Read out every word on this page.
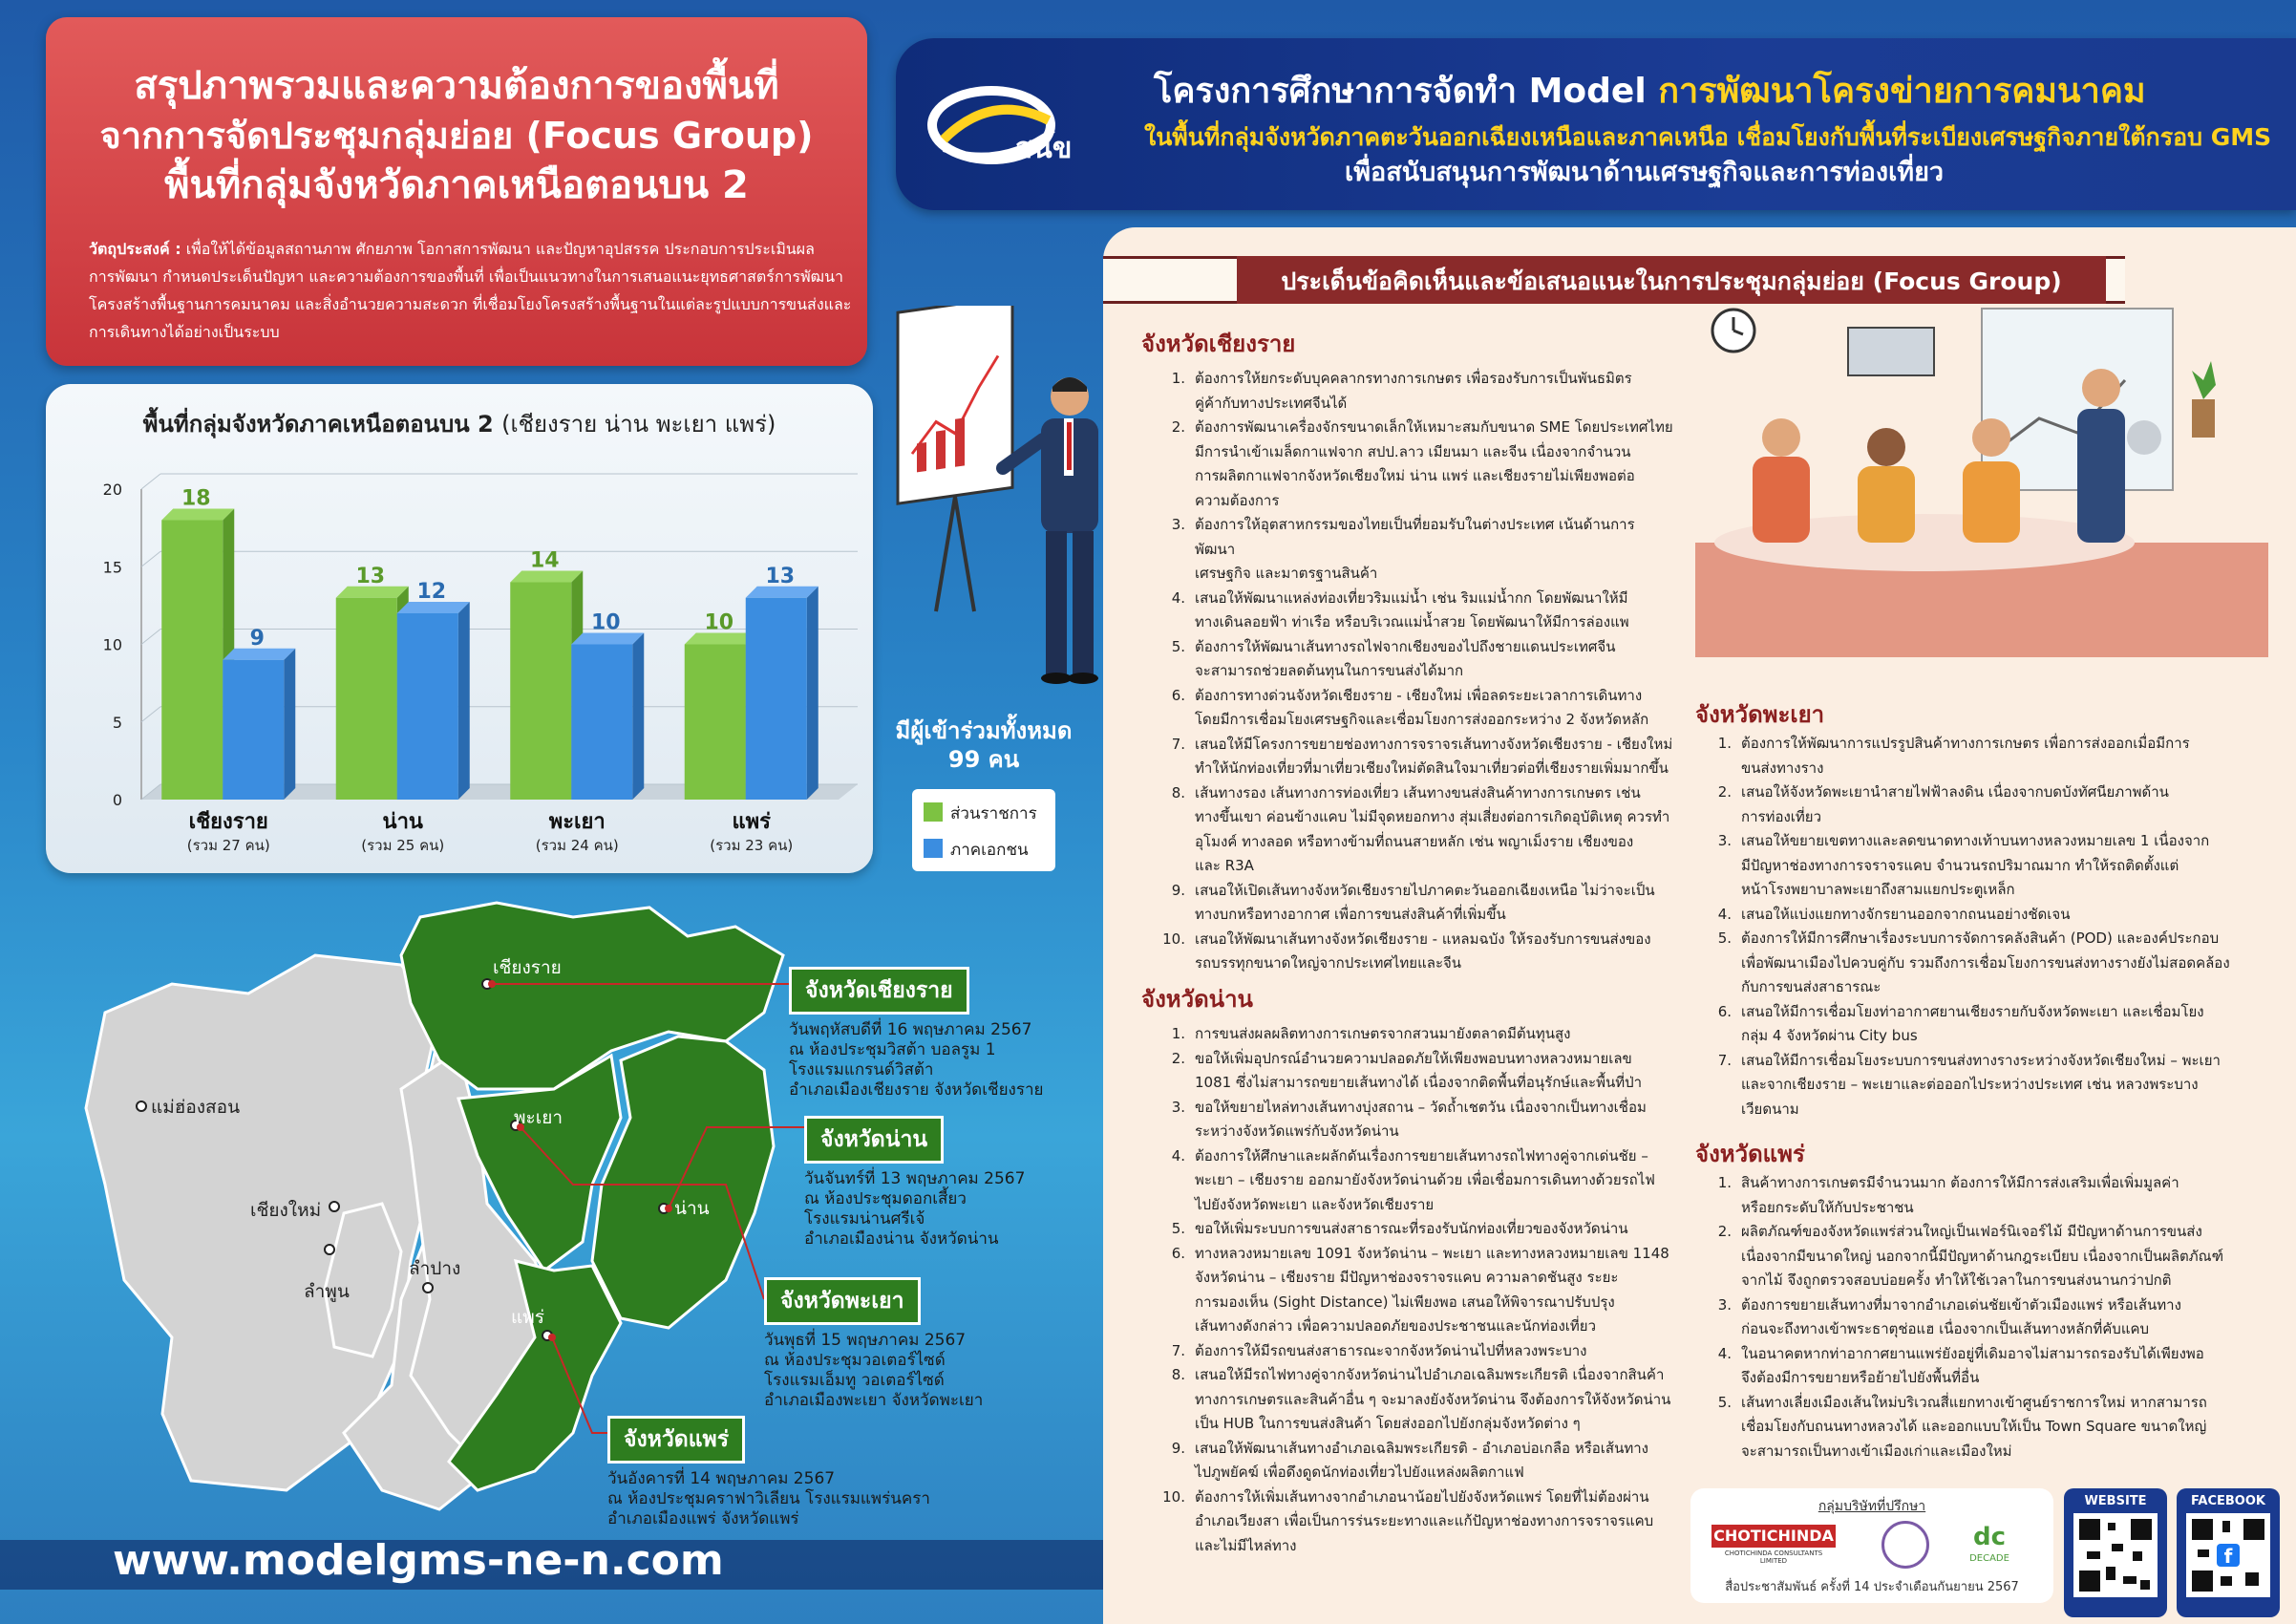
สรุปภาพรวมและความต้องการของพื้นที่
จากการจัดประชุมกลุ่มย่อย (Focus Group)
พื้นที่กลุ่มจังหวัดภาคเหนือตอนบน 2
วัตถุประสงค์ : เพื่อให้ได้ข้อมูลสถานภาพ ศักยภาพ โอกาสการพัฒนา และปัญหาอุปสรรค ประกอบการประเมินผล
การพัฒนา กำหนดประเด็นปัญหา และความต้องการของพื้นที่ เพื่อเป็นแนวทางในการเสนอแนะยุทธศาสตร์การพัฒนา
โครงสร้างพื้นฐานการคมนาคม และสิ่งอำนวยความสะดวก ที่เชื่อมโยงโครงสร้างพื้นฐานในแต่ละรูปแบบการขนส่งและ
การเดินทางได้อย่างเป็นระบบ
พื้นที่กลุ่มจังหวัดภาคเหนือตอนบน 2 (เชียงราย น่าน พะเยา แพร่)
0
5
10
15
20	18
9
เชียงราย
(รวม 27 คน)
13
12
น่าน
(รวม 25 คน)
14
10
พะเยา
(รวม 24 คน)
10
13
แพร่
(รวม 23 คน)
มีผู้เข้าร่วมทั้งหมด
99 คน
ส่วนราชการ
ภาคเอกชน
เชียงราย
พะเยา
น่าน
แพร่
แม่ฮ่องสอน
เชียงใหม่
ลำพูน
ลำปาง
จังหวัดเชียงราย
วันพฤหัสบดีที่ 16 พฤษภาคม 2567
ณ ห้องประชุมวิสต้า บอลรูม 1
โรงแรมแกรนด์วิสต้า
อำเภอเมืองเชียงราย จังหวัดเชียงราย
จังหวัดน่าน
วันจันทร์ที่ 13 พฤษภาคม 2567
ณ ห้องประชุมดอกเสี้ยว
โรงแรมน่านศรีเจ้
อำเภอเมืองน่าน จังหวัดน่าน
จังหวัดพะเยา
วันพุธที่ 15 พฤษภาคม 2567
ณ ห้องประชุมวอเตอร์ไซด์
โรงแรมเอ็มทู วอเตอร์ไซด์
อำเภอเมืองพะเยา จังหวัดพะเยา
จังหวัดแพร่
วันอังคารที่ 14 พฤษภาคม 2567
ณ ห้องประชุมคราฟาวิเลียน โรงแรมแพร่นครา
อำเภอเมืองแพร่ จังหวัดแพร่
www.modelgms-ne-n.com
สนข
โครงการศึกษาการจัดทำ Model การพัฒนาโครงข่ายการคมนาคม
ในพื้นที่กลุ่มจังหวัดภาคตะวันออกเฉียงเหนือและภาคเหนือ เชื่อมโยงกับพื้นที่ระเบียงเศรษฐกิจภายใต้กรอบ GMS
เพื่อสนับสนุนการพัฒนาด้านเศรษฐกิจและการท่องเที่ยว
ประเด็นข้อคิดเห็นและข้อเสนอแนะในการประชุมกลุ่มย่อย (Focus Group)
จังหวัดเชียงราย
1. ต้องการให้ยกระดับบุคคลากรทางการเกษตร เพื่อรองรับการเป็นพันธมิตร
คู่ค้ากับทางประเทศจีนได้
2. ต้องการพัฒนาเครื่องจักรขนาดเล็กให้เหมาะสมกับขนาด SME โดยประเทศไทย
มีการนำเข้าเมล็ดกาแฟจาก สปป.ลาว เมียนมา และจีน เนื่องจากจำนวน
การผลิตกาแฟจากจังหวัดเชียงใหม่ น่าน แพร่ และเชียงรายไม่เพียงพอต่อ
ความต้องการ
3. ต้องการให้อุตสาหกรรมของไทยเป็นที่ยอมรับในต่างประเทศ เน้นด้านการพัฒนา
เศรษฐกิจ และมาตรฐานสินค้า
4. เสนอให้พัฒนาแหล่งท่องเที่ยวริมแม่น้ำ เช่น ริมแม่น้ำกก โดยพัฒนาให้มี
ทางเดินลอยฟ้า ท่าเรือ หรือบริเวณแม่น้ำสวย โดยพัฒนาให้มีการล่องแพ
5. ต้องการให้พัฒนาเส้นทางรถไฟจากเชียงของไปถึงชายแดนประเทศจีน
จะสามารถช่วยลดต้นทุนในการขนส่งได้มาก
6. ต้องการทางด่วนจังหวัดเชียงราย - เชียงใหม่ เพื่อลดระยะเวลาการเดินทาง
โดยมีการเชื่อมโยงเศรษฐกิจและเชื่อมโยงการส่งออกระหว่าง 2 จังหวัดหลัก
7. เสนอให้มีโครงการขยายช่องทางการจราจรเส้นทางจังหวัดเชียงราย - เชียงใหม่
ทำให้นักท่องเที่ยวที่มาเที่ยวเชียงใหม่ตัดสินใจมาเที่ยวต่อที่เชียงรายเพิ่มมากขึ้น
8. เส้นทางรอง เส้นทางการท่องเที่ยว เส้นทางขนส่งสินค้าทางการเกษตร เช่น
ทางขึ้นเขา ค่อนข้างแคบ ไม่มีจุดหยอกทาง สุ่มเสี่ยงต่อการเกิดอุบัติเหตุ ควรทำ
อุโมงค์ ทางลอด หรือทางข้ามที่ถนนสายหลัก เช่น พญาเม็งราย เชียงของ
และ R3A
9. เสนอให้เปิดเส้นทางจังหวัดเชียงรายไปภาคตะวันออกเฉียงเหนือ ไม่ว่าจะเป็น
ทางบกหรือทางอากาศ เพื่อการขนส่งสินค้าที่เพิ่มขึ้น
10. เสนอให้พัฒนาเส้นทางจังหวัดเชียงราย - แหลมฉบัง ให้รองรับการขนส่งของ
รถบรรทุกขนาดใหญ่จากประเทศไทยและจีน
จังหวัดน่าน
1. การขนส่งผลผลิตทางการเกษตรจากสวนมายังตลาดมีต้นทุนสูง
2. ขอให้เพิ่มอุปกรณ์อำนวยความปลอดภัยให้เพียงพอบนทางหลวงหมายเลข
1081 ซึ่งไม่สามารถขยายเส้นทางได้ เนื่องจากติดพื้นที่อนุรักษ์และพื้นที่ป่า
3. ขอให้ขยายไหล่ทางเส้นทางบุ่งสถาน – วัดถ้ำเชตวัน เนื่องจากเป็นทางเชื่อม
ระหว่างจังหวัดแพร่กับจังหวัดน่าน
4. ต้องการให้ศึกษาและผลักดันเรื่องการขยายเส้นทางรถไฟทางคู่จากเด่นชัย –
พะเยา – เชียงราย ออกมายังจังหวัดน่านด้วย เพื่อเชื่อมการเดินทางด้วยรถไฟ
ไปยังจังหวัดพะเยา และจังหวัดเชียงราย
5. ขอให้เพิ่มระบบการขนส่งสาธารณะที่รองรับนักท่องเที่ยวของจังหวัดน่าน
6. ทางหลวงหมายเลข 1091 จังหวัดน่าน – พะเยา และทางหลวงหมายเลข 1148
จังหวัดน่าน – เชียงราย มีปัญหาช่องจราจรแคบ ความลาดชันสูง ระยะ
การมองเห็น (Sight Distance) ไม่เพียงพอ เสนอให้พิจารณาปรับปรุง
เส้นทางดังกล่าว เพื่อความปลอดภัยของประชาชนและนักท่องเที่ยว
7. ต้องการให้มีรถขนส่งสาธารณะจากจังหวัดน่านไปที่หลวงพระบาง
8. เสนอให้มีรถไฟทางคู่จากจังหวัดน่านไปอำเภอเฉลิมพระเกียรติ เนื่องจากสินค้า
ทางการเกษตรและสินค้าอื่น ๆ จะมาลงยังจังหวัดน่าน จึงต้องการให้จังหวัดน่าน
เป็น HUB ในการขนส่งสินค้า โดยส่งออกไปยังกลุ่มจังหวัดต่าง ๆ
9. เสนอให้พัฒนาเส้นทางอำเภอเฉลิมพระเกียรติ - อำเภอบ่อเกลือ หรือเส้นทาง
ไปภูพยัคฆ์ เพื่อดึงดูดนักท่องเที่ยวไปยังแหล่งผลิตกาแฟ
10. ต้องการให้เพิ่มเส้นทางจากอำเภอนาน้อยไปยังจังหวัดแพร่ โดยที่ไม่ต้องผ่าน
อำเภอเวียงสา เพื่อเป็นการร่นระยะทางและแก้ปัญหาช่องทางการจราจรแคบ
และไม่มีไหล่ทาง
จังหวัดพะเยา
1. ต้องการให้พัฒนาการแปรรูปสินค้าทางการเกษตร เพื่อการส่งออกเมื่อมีการ
ขนส่งทางราง
2. เสนอให้จังหวัดพะเยานำสายไฟฟ้าลงดิน เนื่องจากบดบังทัศนียภาพด้าน
การท่องเที่ยว
3. เสนอให้ขยายเขตทางและลดขนาดทางเท้าบนทางหลวงหมายเลข 1 เนื่องจาก
มีปัญหาช่องทางการจราจรแคบ จำนวนรถปริมาณมาก ทำให้รถติดตั้งแต่
หน้าโรงพยาบาลพะเยาถึงสามแยกประตูเหล็ก
4. เสนอให้แบ่งแยกทางจักรยานออกจากถนนอย่างชัดเจน
5. ต้องการให้มีการศึกษาเรื่องระบบการจัดการคลังสินค้า (POD) และองค์ประกอบ
เพื่อพัฒนาเมืองไปควบคู่กับ รวมถึงการเชื่อมโยงการขนส่งทางรางยังไม่สอดคล้อง
กับการขนส่งสาธารณะ
6. เสนอให้มีการเชื่อมโยงท่าอากาศยานเชียงรายกับจังหวัดพะเยา และเชื่อมโยง
กลุ่ม 4 จังหวัดผ่าน City bus
7. เสนอให้มีการเชื่อมโยงระบบการขนส่งทางรางระหว่างจังหวัดเชียงใหม่ – พะเยา
และจากเชียงราย – พะเยาและต่อออกไประหว่างประเทศ เช่น หลวงพระบาง
เวียดนาม
จังหวัดแพร่
1. สินค้าทางการเกษตรมีจำนวนมาก ต้องการให้มีการส่งเสริมเพื่อเพิ่มมูลค่า
หรือยกระดับให้กับประชาชน
2. ผลิตภัณฑ์ของจังหวัดแพร่ส่วนใหญ่เป็นเฟอร์นิเจอร์ไม้ มีปัญหาด้านการขนส่ง
เนื่องจากมีขนาดใหญ่ นอกจากนี้มีปัญหาด้านกฎระเบียบ เนื่องจากเป็นผลิตภัณฑ์
จากไม้ จึงถูกตรวจสอบบ่อยครั้ง ทำให้ใช้เวลาในการขนส่งนานกว่าปกติ
3. ต้องการขยายเส้นทางที่มาจากอำเภอเด่นชัยเข้าตัวเมืองแพร่ หรือเส้นทาง
ก่อนจะถึงทางเข้าพระธาตุช่อแฮ เนื่องจากเป็นเส้นทางหลักที่คับแคบ
4. ในอนาคตหากท่าอากาศยานแพร่ยังอยู่ที่เดิมอาจไม่สามารถรองรับได้เพียงพอ
จึงต้องมีการขยายหรือย้ายไปยังพื้นที่อื่น
5. เส้นทางเลี่ยงเมืองเส้นใหม่บริเวณสี่แยกทางเข้าศูนย์ราชการใหม่ หากสามารถ
เชื่อมโยงกับถนนทางหลวงได้ และออกแบบให้เป็น Town Square ขนาดใหญ่
จะสามารถเป็นทางเข้าเมืองเก่าและเมืองใหม่
กลุ่มบริษัทที่ปรึกษา
CHOTICHINDA
CHOTICHINDA CONSULTANTS LIMITED
dc
DECADE
สื่อประชาสัมพันธ์ ครั้งที่ 14 ประจำเดือนกันยายน 2567
WEBSITE	FACEBOOK
f
